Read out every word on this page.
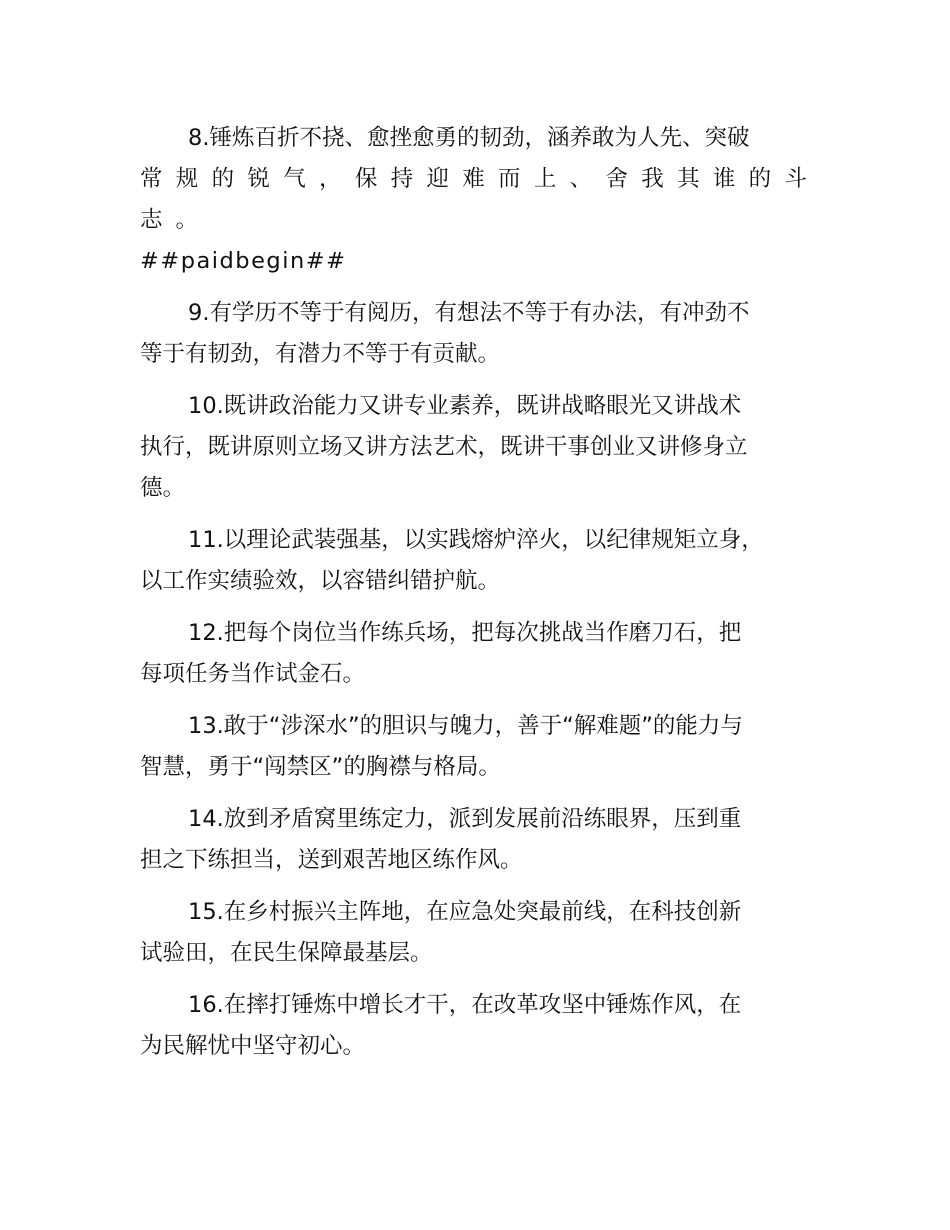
8.锤炼百折不挠、愈挫愈勇的韧劲，涵养敢为人先、突破
常规的锐气，保持迎难而上、舍我其谁的斗志。
##paidbegin##

9.有学历不等于有阅历，有想法不等于有办法，有冲劲不
等于有韧劲，有潜力不等于有贡献。

10.既讲政治能力又讲专业素养，既讲战略眼光又讲战术
执行，既讲原则立场又讲方法艺术，既讲干事创业又讲修身立
德。

11.以理论武装强基，以实践熔炉淬火，以纪律规矩立身，
以工作实绩验效，以容错纠错护航。

12.把每个岗位当作练兵场，把每次挑战当作磨刀石，把
每项任务当作试金石。

13.敢于“涉深水”的胆识与魄力，善于“解难题”的能力与
智慧，勇于“闯禁区”的胸襟与格局。

14.放到矛盾窝里练定力，派到发展前沿练眼界，压到重
担之下练担当，送到艰苦地区练作风。

15.在乡村振兴主阵地，在应急处突最前线，在科技创新
试验田，在民生保障最基层。

16.在摔打锤炼中增长才干，在改革攻坚中锤炼作风，在
为民解忧中坚守初心。
